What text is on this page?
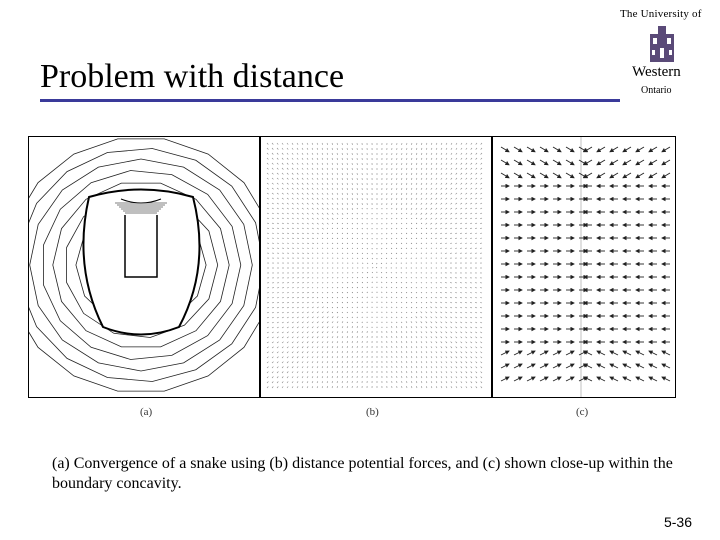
The University of
Western
Ontario
Problem with distance
(a)	(b)	(c)
(a) Convergence of a snake using (b) distance potential forces, and (c) shown close-up within the boundary concavity.
5-36
